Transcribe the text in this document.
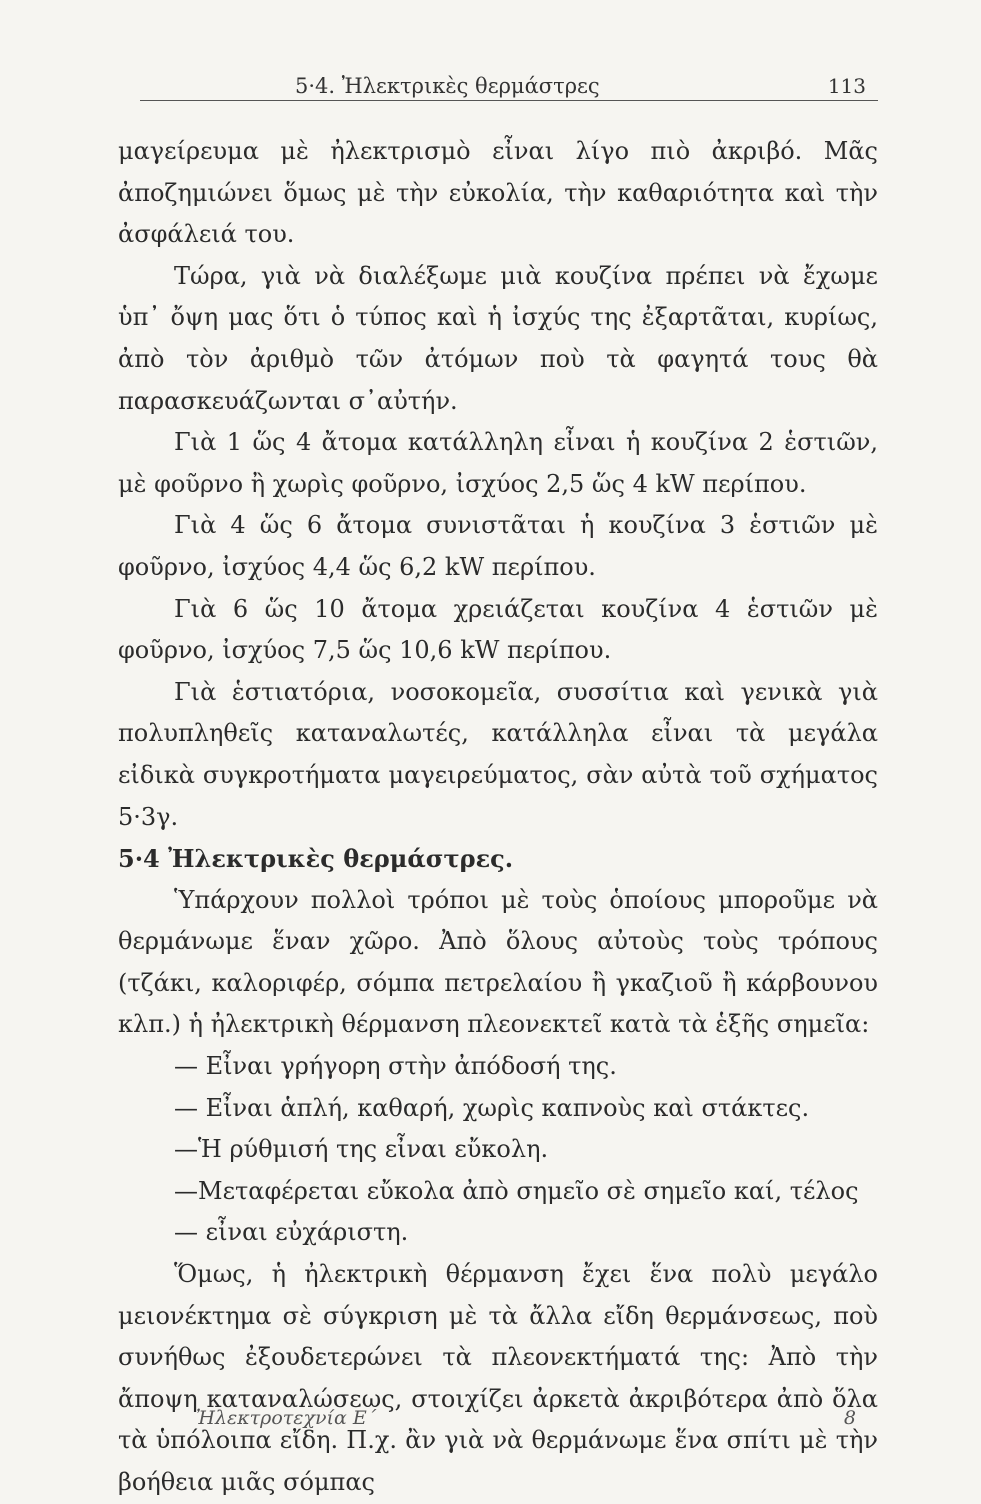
5·4. Ἠλεκτρικὲς θερμάστρες	113

μαγείρευμα μὲ ἠλεκτρισμὸ εἶναι λίγο πιὸ ἀκριβό. Μᾶς ἀποζημιώνει ὅμως μὲ τὴν εὐκολία, τὴν καθαριότητα καὶ τὴν ἀσφάλειά του.

Τώρα, γιὰ νὰ διαλέξωμε μιὰ κουζίνα πρέπει νὰ ἔχωμε ὑπ᾽ ὄψη μας ὅτι ὁ τύπος καὶ ἡ ἰσχύς της ἐξαρτᾶται, κυρίως, ἀπὸ τὸν ἀριθμὸ τῶν ἀτόμων ποὺ τὰ φαγητά τους θὰ παρασκευάζωνται σ᾽αὐτήν.

Γιὰ 1 ὥς 4 ἄτομα κατάλληλη εἶναι ἡ κουζίνα 2 ἑστιῶν, μὲ φοῦρνο ἢ χωρὶς φοῦρνο, ἰσχύος 2,5 ὥς 4 kW περίπου.

Γιὰ 4 ὥς 6 ἄτομα συνιστᾶται ἡ κουζίνα 3 ἑστιῶν μὲ φοῦρνο, ἰσχύος 4,4 ὥς 6,2 kW περίπου.

Γιὰ 6 ὥς 10 ἄτομα χρειάζεται κουζίνα 4 ἑστιῶν μὲ φοῦρνο, ἰσχύος 7,5 ὥς 10,6 kW περίπου.

Γιὰ ἑστιατόρια, νοσοκομεῖα, συσσίτια καὶ γενικὰ γιὰ πολυπληθεῖς καταναλωτές, κατάλληλα εἶναι τὰ μεγάλα εἰδικὰ συγκροτήματα μαγειρεύματος, σὰν αὐτὰ τοῦ σχήματος 5·3γ.

5·4 Ἠλεκτρικὲς θερμάστρες.

Ὑπάρχουν πολλοὶ τρόποι μὲ τοὺς ὁποίους μποροῦμε νὰ θερμάνωμε ἕναν χῶρο. Ἀπὸ ὅλους αὐτοὺς τοὺς τρόπους (τζάκι, καλοριφέρ, σόμπα πετρελαίου ἢ γκαζιοῦ ἢ κάρβουνου κλπ.) ἡ ἠλεκτρικὴ θέρμανση πλεονεκτεῖ κατὰ τὰ ἑξῆς σημεῖα:

— Εἶναι γρήγορη στὴν ἀπόδοσή της.

— Εἶναι ἁπλή, καθαρή, χωρὶς καπνοὺς καὶ στάκτες.

—Ἡ ρύθμισή της εἶναι εὔκολη.

—Μεταφέρεται εὔκολα ἀπὸ σημεῖο σὲ σημεῖο καί, τέλος

— εἶναι εὐχάριστη.

Ὅμως, ἡ ἠλεκτρικὴ θέρμανση ἔχει ἕνα πολὺ μεγάλο μειονέκτημα σὲ σύγκριση μὲ τὰ ἄλλα εἴδη θερμάνσεως, ποὺ συνήθως ἐξουδετερώνει τὰ πλεονεκτήματά της: Ἀπὸ τὴν ἄποψη καταναλώσεως, στοιχίζει ἀρκετὰ ἀκριβότερα ἀπὸ ὅλα τὰ ὑπόλοιπα εἴδη. Π.χ. ἂν γιὰ νὰ θερμάνωμε ἕνα σπίτι μὲ τὴν βοήθεια μιᾶς σόμπας

Ἠλεκτροτεχνία Ε΄	8
